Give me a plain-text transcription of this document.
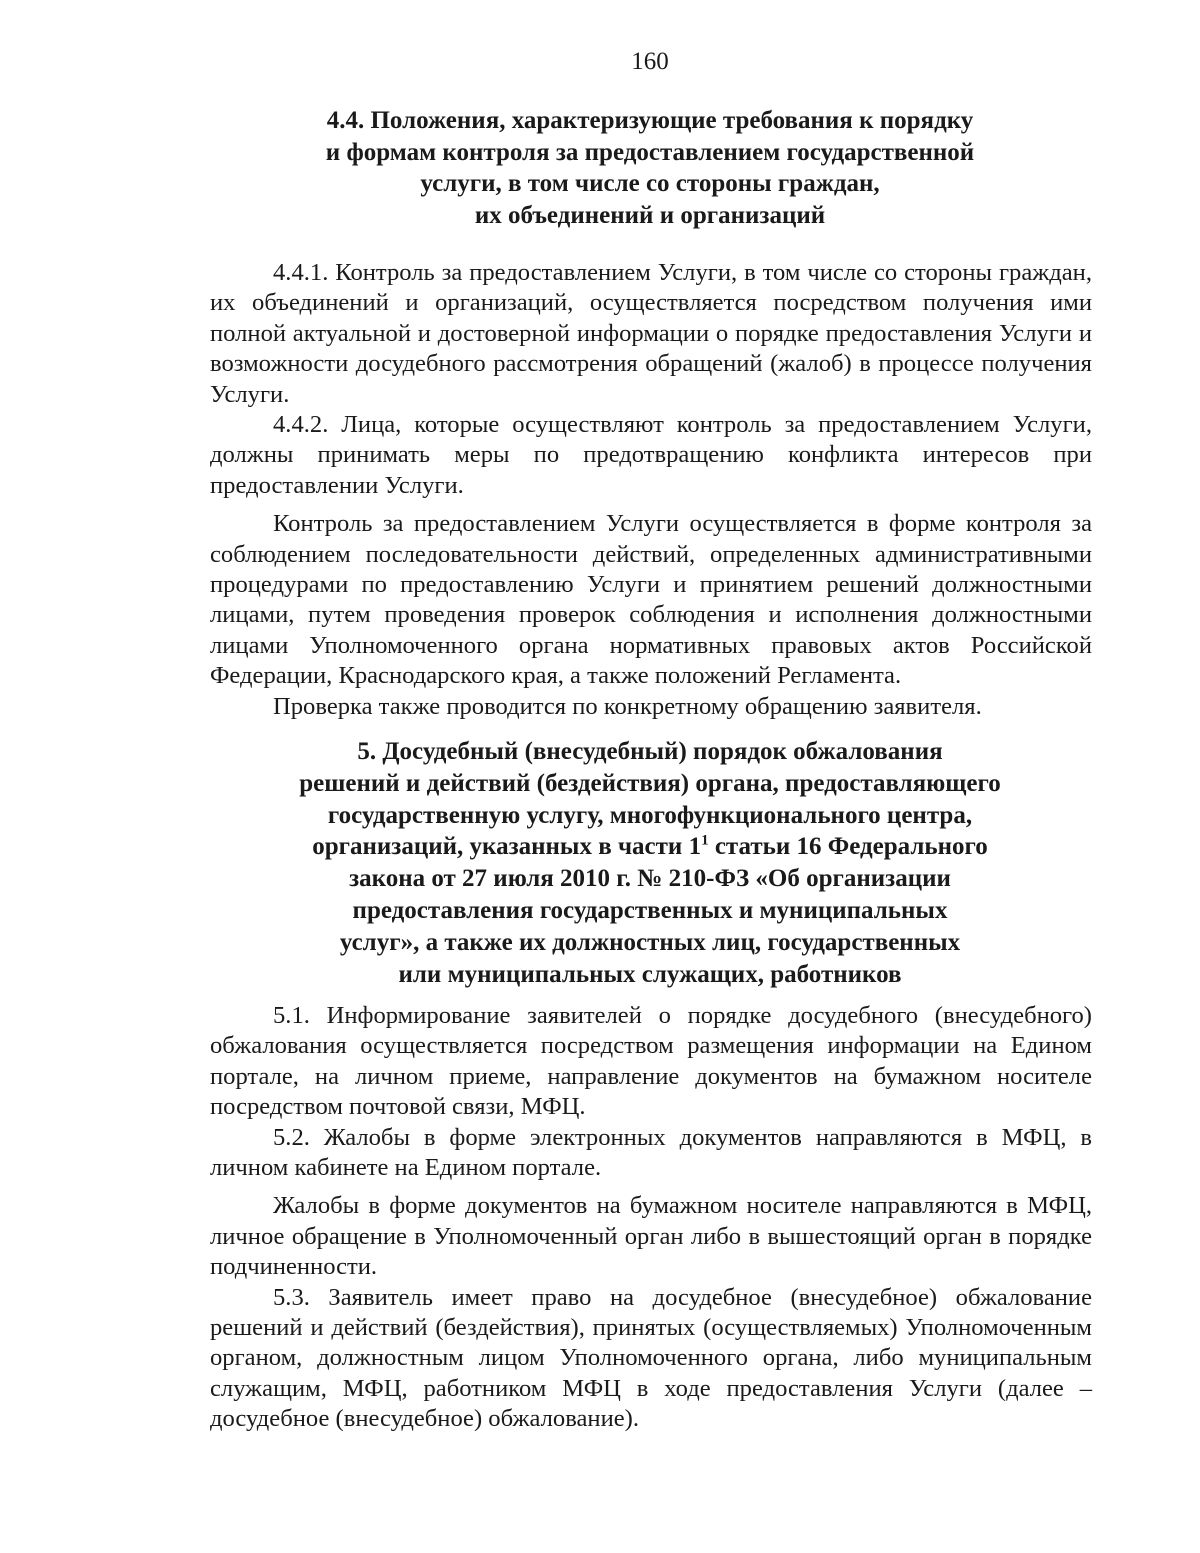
160
4.4. Положения, характеризующие требования к порядку
и формам контроля за предоставлением государственной
услуги, в том числе со стороны граждан,
их объединений и организаций

4.4.1. Контроль за предоставлением Услуги, в том числе со стороны граждан, их объединений и организаций, осуществляется посредством получения ими полной актуальной и достоверной информации о порядке предоставления Услуги и возможности досудебного рассмотрения обращений (жалоб) в процессе получения Услуги.

4.4.2. Лица, которые осуществляют контроль за предоставлением Услуги, должны принимать меры по предотвращению конфликта интересов при предоставлении Услуги.

Контроль за предоставлением Услуги осуществляется в форме контроля за соблюдением последовательности действий, определенных административными процедурами по предоставлению Услуги и принятием решений должностными лицами, путем проведения проверок соблюдения и исполнения должностными лицами Уполномоченного органа нормативных правовых актов Российской Федерации, Краснодарского края, а также положений Регламента.

Проверка также проводится по конкретному обращению заявителя.

5. Досудебный (внесудебный) порядок обжалования
решений и действий (бездействия) органа, предоставляющего
государственную услугу, многофункционального центра,
организаций, указанных в части $1^1$ статьи 16 Федерального
закона от 27 июля 2010 г. № 210-ФЗ «Об организации
предоставления государственных и муниципальных
услуг», а также их должностных лиц, государственных
или муниципальных служащих, работников

5.1. Информирование заявителей о порядке досудебного (внесудебного) обжалования осуществляется посредством размещения информации на Едином портале, на личном приеме, направление документов на бумажном носителе посредством почтовой связи, МФЦ.

5.2. Жалобы в форме электронных документов направляются в МФЦ, в личном кабинете на Едином портале.

Жалобы в форме документов на бумажном носителе направляются в МФЦ, личное обращение в Уполномоченный орган либо в вышестоящий орган в порядке подчиненности.

5.3. Заявитель имеет право на досудебное (внесудебное) обжалование решений и действий (бездействия), принятых (осуществляемых) Уполномоченным органом, должностным лицом Уполномоченного органа, либо муниципальным служащим, МФЦ, работником МФЦ в ходе предоставления Услуги (далее – досудебное (внесудебное) обжалование).
